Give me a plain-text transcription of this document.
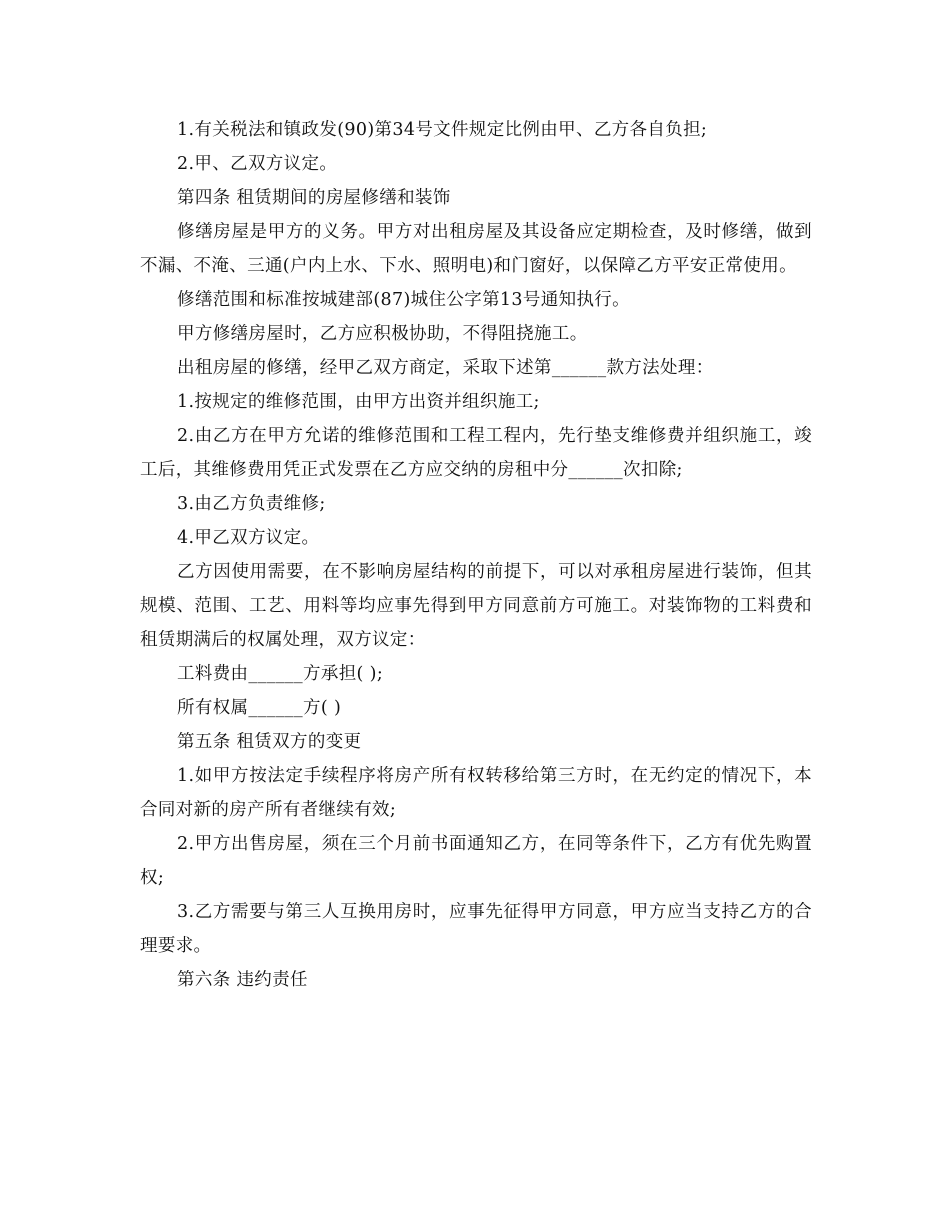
1.有关税法和镇政发(90)第34号文件规定比例由甲、乙方各自负担;

2.甲、乙双方议定。

第四条 租赁期间的房屋修缮和装饰

修缮房屋是甲方的义务。甲方对出租房屋及其设备应定期检查，及时修缮，做到不漏、不淹、三通(户内上水、下水、照明电)和门窗好，以保障乙方平安正常使用。

修缮范围和标准按城建部(87)城住公字第13号通知执行。

甲方修缮房屋时，乙方应积极协助，不得阻挠施工。

出租房屋的修缮，经甲乙双方商定，采取下述第______款方法处理：

1.按规定的维修范围，由甲方出资并组织施工;

2.由乙方在甲方允诺的维修范围和工程工程内，先行垫支维修费并组织施工，竣工后，其维修费用凭正式发票在乙方应交纳的房租中分______次扣除;

3.由乙方负责维修;

4.甲乙双方议定。

乙方因使用需要，在不影响房屋结构的前提下，可以对承租房屋进行装饰，但其规模、范围、工艺、用料等均应事先得到甲方同意前方可施工。对装饰物的工料费和租赁期满后的权属处理，双方议定：

工料费由______方承担( );

所有权属______方( )

第五条 租赁双方的变更

1.如甲方按法定手续程序将房产所有权转移给第三方时，在无约定的情况下，本合同对新的房产所有者继续有效;

2.甲方出售房屋，须在三个月前书面通知乙方，在同等条件下，乙方有优先购置权;

3.乙方需要与第三人互换用房时，应事先征得甲方同意，甲方应当支持乙方的合理要求。

第六条 违约责任
